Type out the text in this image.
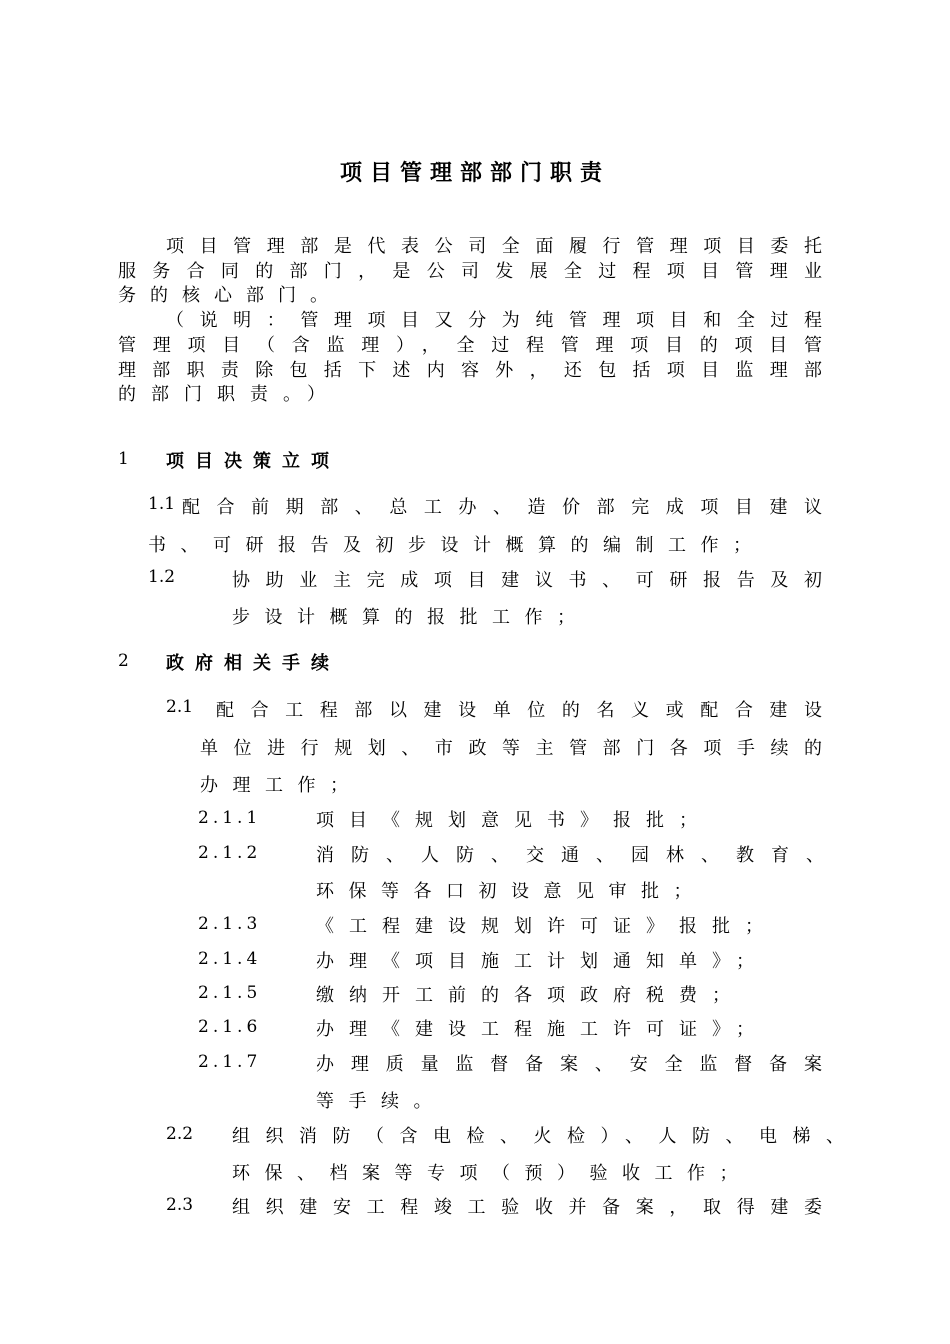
项目管理部部门职责
项目管理部是代表公司全面履行管理项目委托
服务合同的部门，是公司发展全过程项目管理业
务的核心部门。
（说明：管理项目又分为纯管理项目和全过程
管理项目（含监理），全过程管理项目的项目管
理部职责除包括下述内容外，还包括项目监理部
的部门职责。）
1 项目决策立项
1.1 配合前期部、总工办、造价部完成项目建议
书、可研报告及初步设计概算的编制工作；
1.2	协助业主完成项目建议书、可研报告及初
步设计概算的报批工作；
2 政府相关手续
2.1 配合工程部以建设单位的名义或配合建设
单位进行规划、市政等主管部门各项手续的
办理工作；
2.1.1	项目《规划意见书》报批；
2.1.2	消防、人防、交通、园林、教育、
环保等各口初设意见审批；
2.1.3	《工程建设规划许可证》报批；
2.1.4	办理《项目施工计划通知单》；
2.1.5	缴纳开工前的各项政府税费；
2.1.6	办理《建设工程施工许可证》；
2.1.7	办理质量监督备案、安全监督备案
等手续。
2.2 组织消防（含电检、火检）、人防、电梯、
环保、档案等专项（预）验收工作；
2.3 组织建安工程竣工验收并备案，取得建委
